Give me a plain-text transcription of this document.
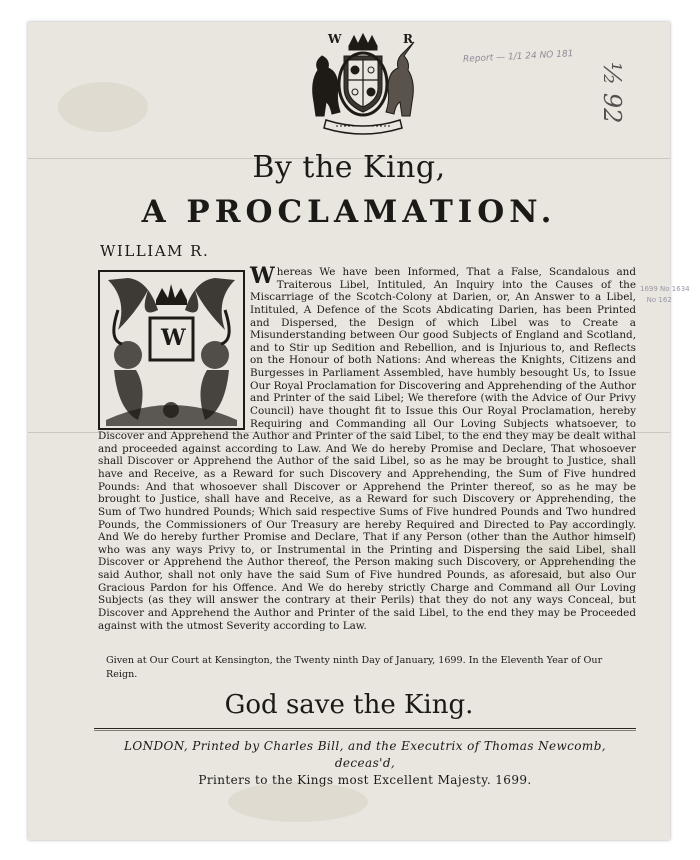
W	R
Report — 1/1 24 NO 181
½ 92
1699 No 1634
No 162
By the King,
A PROCLAMATION.
WILLIAM R.
W

Whereas We have been Informed, That a False, Scandalous and Traiterous Libel, Intituled, An Inquiry into the Causes of the Miscarriage of the Scotch-Colony at Darien, or, An Answer to a Libel, Intituled, A Defence of the Scots Abdicating Darien, has been Printed and Dispersed, the Design of which Libel was to Create a Misunderstanding between Our good Subjects of England and Scotland, and to Stir up Sedition and Rebellion, and is Injurious to, and Reflects on the Honour of both Nations: And whereas the Knights, Citizens and Burgesses in Parliament Assembled, have humbly besought Us, to Issue Our Royal Proclamation for Discovering and Apprehending of the Author and Printer of the said Libel; We therefore (with the Advice of Our Privy Council) have thought fit to Issue this Our Royal Proclamation, hereby Requiring and Commanding all Our Loving Subjects whatsoever, to Discover and Apprehend the Author and Printer of the said Libel, to the end they may be dealt withal and proceeded against according to Law. And We do hereby Promise and Declare, That whosoever shall Discover or Apprehend the Author of the said Libel, so as he may be brought to Justice, shall have and Receive, as a Reward for such Discovery and Apprehending, the Sum of Five hundred Pounds: And that whosoever shall Discover or Apprehend the Printer thereof, so as he may be brought to Justice, shall have and Receive, as a Reward for such Discovery or Apprehending, the Sum of Two hundred Pounds; Which said respective Sums of Five hundred Pounds and Two hundred Pounds, the Commissioners of Our Treasury are hereby Required and Directed to Pay accordingly. And We do hereby further Promise and Declare, That if any Person (other than the Author himself) who was any ways Privy to, or Instrumental in the Printing and Dispersing the said Libel, shall Discover or Apprehend the Author thereof, the Person making such Discovery, or Apprehending the said Author, shall not only have the said Sum of Five hundred Pounds, as aforesaid, but also Our Gracious Pardon for his Offence. And We do hereby strictly Charge and Command all Our Loving Subjects (as they will answer the contrary at their Perils) that they do not any ways Conceal, but Discover and Apprehend the Author and Printer of the said Libel, to the end they may be Proceeded against with the utmost Severity according to Law.

Given at Our Court at Kensington, the Twenty ninth Day of January, 1699. In the Eleventh Year of Our Reign.
God save the King.
LONDON, Printed by Charles Bill, and the Executrix of Thomas Newcomb, deceas'd,
Printers to the Kings most Excellent Majesty. 1699.
